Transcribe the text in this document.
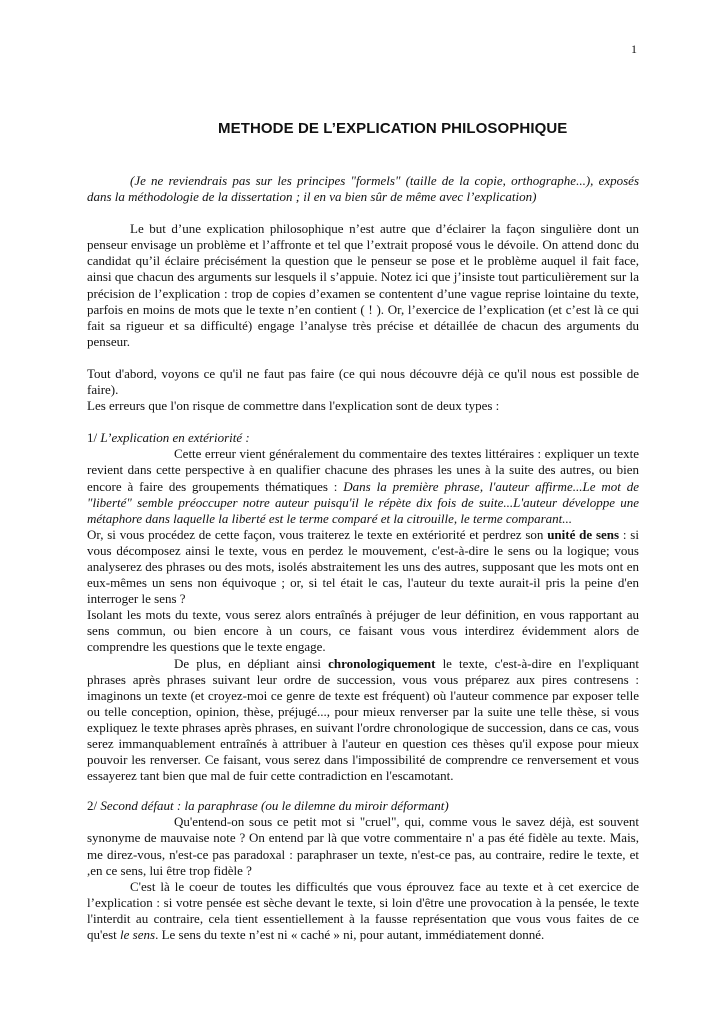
1
METHODE DE L’EXPLICATION PHILOSOPHIQUE

(Je ne reviendrais pas sur les principes "formels" (taille de la copie, orthographe...), exposés dans la méthodologie de la dissertation ; il en va bien sûr de même avec l’explication)

Le but d’une explication philosophique n’est autre que d’éclairer la façon singulière dont un penseur envisage un problème et l’affronte et tel que l’extrait proposé vous le dévoile. On attend donc du candidat qu’il éclaire précisément la question que le penseur se pose et le problème auquel il fait face, ainsi que chacun des arguments sur lesquels il s’appuie. Notez ici que j’insiste tout particulièrement sur la précision de l’explication : trop de copies d’examen se contentent d’une vague reprise lointaine du texte, parfois en moins de mots que le texte n’en contient ( ! ). Or, l’exercice de l’explication (et c’est là ce qui fait sa rigueur et sa difficulté) engage l’analyse très précise et détaillée de chacun des arguments du penseur.

Tout d'abord, voyons ce qu'il ne faut pas faire (ce qui nous découvre déjà ce qu'il nous est possible de faire).

Les erreurs que l'on risque de commettre dans l'explication sont de deux types :

1/ L’explication en extériorité :

Cette erreur vient généralement du commentaire des textes littéraires : expliquer un texte revient dans cette perspective à en qualifier chacune des phrases les unes à la suite des autres, ou bien encore à faire des groupements thématiques : Dans la première phrase, l'auteur affirme...Le mot de "liberté" semble préoccuper notre auteur puisqu'il le répète dix fois de suite...L'auteur développe une métaphore dans laquelle la liberté est le terme comparé et la citrouille, le terme comparant...

Or, si vous procédez de cette façon, vous traiterez le texte en extériorité et perdrez son unité de sens : si vous décomposez ainsi le texte, vous en perdez le mouvement, c'est-à-dire le sens ou la logique; vous analyserez des phrases ou des mots, isolés abstraitement les uns des autres, supposant que les mots ont en eux-mêmes un sens non équivoque ; or, si tel était le cas, l'auteur du texte aurait-il pris la peine d'en interroger le sens ?

Isolant les mots du texte, vous serez alors entraînés à préjuger de leur définition, en vous rapportant au sens commun, ou bien encore à un cours, ce faisant vous vous interdirez évidemment alors de comprendre les questions que le texte engage.

De plus, en dépliant ainsi chronologiquement le texte, c'est-à-dire en l'expliquant phrases après phrases suivant leur ordre de succession, vous vous préparez aux pires contresens : imaginons un texte (et croyez-moi ce genre de texte est fréquent) où l'auteur commence par exposer telle ou telle conception, opinion, thèse, préjugé..., pour mieux renverser par la suite une telle thèse, si vous expliquez le texte phrases après phrases, en suivant l'ordre chronologique de succession, dans ce cas, vous serez immanquablement entraînés à attribuer à l'auteur en question ces thèses qu'il expose pour mieux pouvoir les renverser. Ce faisant, vous serez dans l'impossibilité de comprendre ce renversement et vous essayerez tant bien que mal de fuir cette contradiction en l'escamotant.

2/ Second défaut : la paraphrase (ou le dilemne du miroir déformant)

Qu'entend-on sous ce petit mot si "cruel", qui, comme vous le savez déjà, est souvent synonyme de mauvaise note ? On entend par là que votre commentaire n' a pas été fidèle au texte. Mais, me direz-vous, n'est-ce pas paradoxal : paraphraser un texte, n'est-ce pas, au contraire, redire le texte, et ,en ce sens, lui être trop fidèle ?

C'est là le coeur de toutes les difficultés que vous éprouvez face au texte et à cet exercice de l’explication : si votre pensée est sèche devant le texte, si loin d'être une provocation à la pensée, le texte l'interdit au contraire, cela tient essentiellement à la fausse représentation que vous vous faites de ce qu'est le sens. Le sens du texte n’est ni « caché » ni, pour autant, immédiatement donné.
